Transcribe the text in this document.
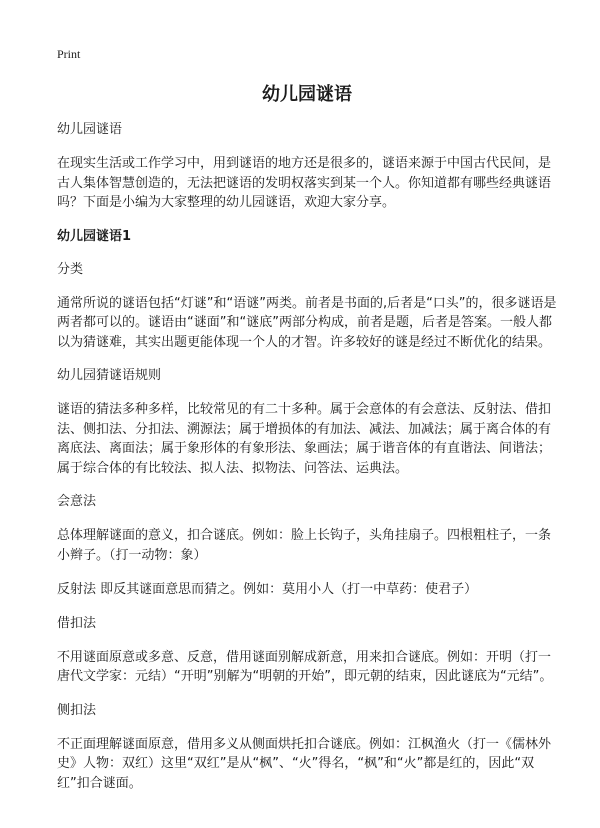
Print
幼儿园谜语

幼儿园谜语

在现实生活或工作学习中，用到谜语的地方还是很多的，谜语来源于中国古代民间，是古人集体智慧创造的，无法把谜语的发明权落实到某一个人。你知道都有哪些经典谜语吗？下面是小编为大家整理的幼儿园谜语，欢迎大家分享。

幼儿园谜语1

分类

通常所说的谜语包括“灯谜”和“语谜”两类。前者是书面的,后者是“口头”的，很多谜语是两者都可以的。谜语由“谜面”和“谜底”两部分构成，前者是题，后者是答案。一般人都以为猜谜难，其实出题更能体现一个人的才智。许多较好的谜是经过不断优化的结果。

幼儿园猜谜语规则

谜语的猜法多种多样，比较常见的有二十多种。属于会意体的有会意法、反射法、借扣法、侧扣法、分扣法、溯源法；属于增损体的有加法、减法、加减法；属于离合体的有离底法、离面法；属于象形体的有象形法、象画法；属于谐音体的有直谐法、间谐法；属于综合体的有比较法、拟人法、拟物法、问答法、运典法。

会意法

总体理解谜面的意义，扣合谜底。例如：脸上长钩子，头角挂扇子。四根粗柱子，一条小辫子。（打一动物：象）

反射法 即反其谜面意思而猜之。例如：莫用小人（打一中草药：使君子）

借扣法

不用谜面原意或多意、反意，借用谜面别解成新意，用来扣合谜底。例如：开明（打一唐代文学家：元结）“开明”别解为“明朝的开始”，即元朝的结束，因此谜底为“元结”。

侧扣法

不正面理解谜面原意，借用多义从侧面烘托扣合谜底。例如：江枫渔火（打一《儒林外史》人物：双红）这里“双红”是从“枫”、“火”得名，“枫”和“火”都是红的，因此“双红”扣合谜面。
